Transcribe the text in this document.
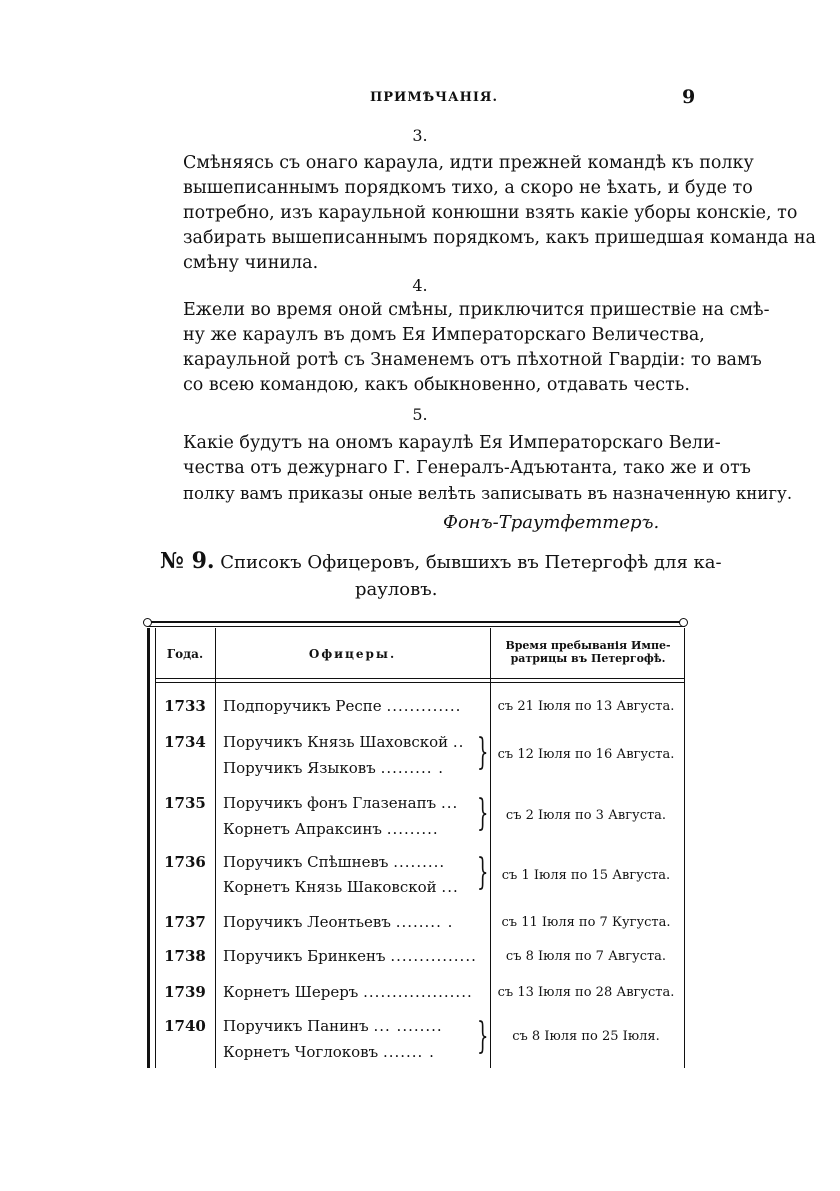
ПРИМѢЧАНІЯ.	9
3.
Смѣняясь съ онаго караула, идти прежней командѣ къ полку
вышеписаннымъ порядкомъ тихо, а скоро не ѣхать, и буде то
потребно, изъ караульной конюшни взять какіе уборы конскіе, то
забирать вышеписаннымъ порядкомъ, какъ пришедшая команда на
смѣну чинила.
4.
Ежели во время оной смѣны, приключится пришествіе на смѣ-
ну же караулъ въ домъ Ея Императорскаго Величества,
караульной ротѣ съ Знаменемъ отъ пѣхотной Гвардіи: то вамъ
со всею командою, какъ обыкновенно, отдавать честь.
5.
Какіе будутъ на ономъ караулѣ Ея Императорскаго Вели-
чества отъ дежурнаго Г. Генералъ-Адъютанта, тако же и отъ
полку вамъ приказы оные велѣть записывать въ назначенную книгу.
Фонъ-Траутфеттеръ.
№ 9. Списокъ Офицеровъ, бывшихъ въ Петергофѣ для ка-
рауловъ.
Года.	Офицеры.
Время пребыванія Импе-
ратрицы въ Петергофѣ.
1733 Подпоручикъ Респе .............	съ 21 Іюля по 13 Августа.
1734 Поручикъ Князь Шаховской ..
Поручикъ Языковъ ......... . } съ 12 Іюля по 16 Августа.
1735 Поручикъ фонъ Глазенапъ ...
Корнетъ Апраксинъ .........	}	съ 2 Іюля по 3 Августа.
1736 Поручикъ Спѣшневъ .........
Корнетъ Князь Шаковской ... }	съ 1 Іюля по 15 Августа.
1737 Поручикъ Леонтьевъ ........ .	съ 11 Іюля по 7 Кугуста.
1738 Поручикъ Бринкенъ ...............	съ 8 Іюля по 7 Августа.
1739 Корнетъ Шереръ ...................	съ 13 Іюля по 28 Августа.
1740 Поручикъ Панинъ ... ........
Корнетъ Чоглоковъ ....... .	}	съ 8 Іюля по 25 Іюля.
